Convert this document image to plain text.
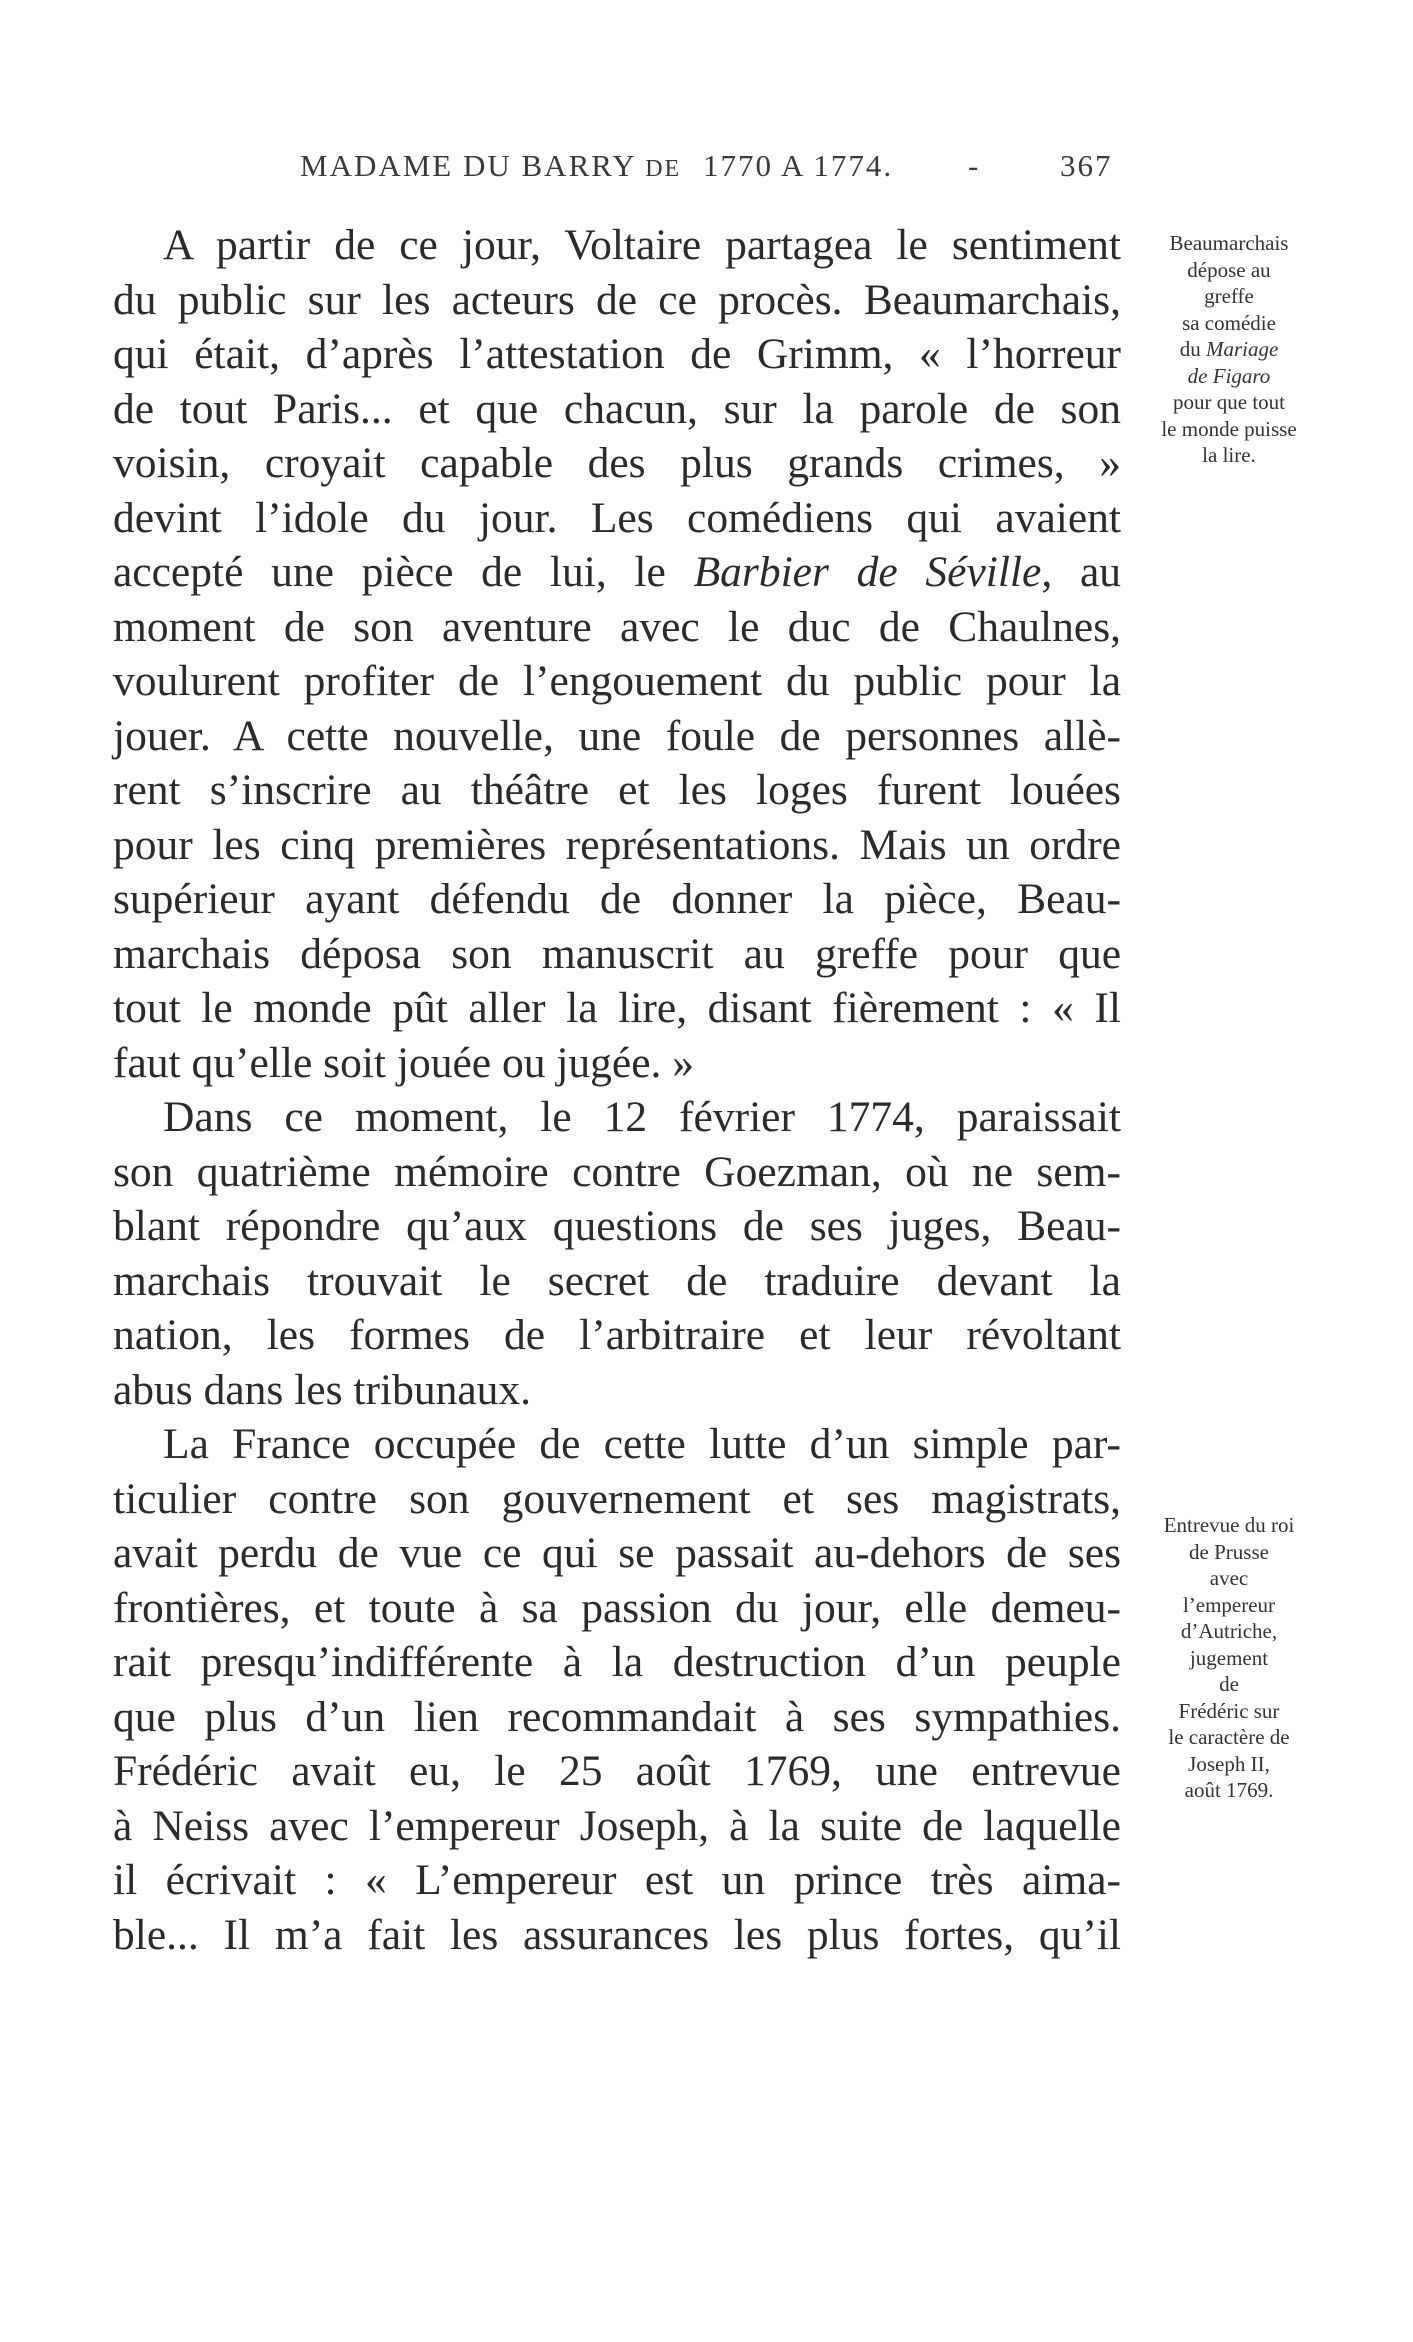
MADAME DU BARRY DE 1770 A 1774. -	367
A partir de ce jour, Voltaire partagea le sentiment
du public sur les acteurs de ce procès. Beaumarchais,
qui était, d’après l’attestation de Grimm, « l’horreur
de tout Paris... et que chacun, sur la parole de son
voisin, croyait capable des plus grands crimes, »
devint l’idole du jour. Les comédiens qui avaient
accepté une pièce de lui, le Barbier de Séville, au
moment de son aventure avec le duc de Chaulnes,
voulurent profiter de l’engouement du public pour la
jouer. A cette nouvelle, une foule de personnes allè-
rent s’inscrire au théâtre et les loges furent louées
pour les cinq premières représentations. Mais un ordre
supérieur ayant défendu de donner la pièce, Beau-
marchais déposa son manuscrit au greffe pour que
tout le monde pût aller la lire, disant fièrement : « Il
faut qu’elle soit jouée ou jugée. »
Dans ce moment, le 12 février 1774, paraissait
son quatrième mémoire contre Goezman, où ne sem-
blant répondre qu’aux questions de ses juges, Beau-
marchais trouvait le secret de traduire devant la
nation, les formes de l’arbitraire et leur révoltant
abus dans les tribunaux.
La France occupée de cette lutte d’un simple par-
ticulier contre son gouvernement et ses magistrats,
avait perdu de vue ce qui se passait au-dehors de ses
frontières, et toute à sa passion du jour, elle demeu-
rait presqu’indifférente à la destruction d’un peuple
que plus d’un lien recommandait à ses sympathies.
Frédéric avait eu, le 25 août 1769, une entrevue
à Neiss avec l’empereur Joseph, à la suite de laquelle
il écrivait : « L’empereur est un prince très aima-
ble... Il m’a fait les assurances les plus fortes, qu’il
Beaumarchais
dépose au
greffe
sa comédie
du Mariage
de Figaro
pour que tout
le monde puisse
la lire.
Entrevue du roi
de Prusse
avec
l’empereur
d’Autriche,
jugement
de
Frédéric sur
le caractère de
Joseph II,
août 1769.
